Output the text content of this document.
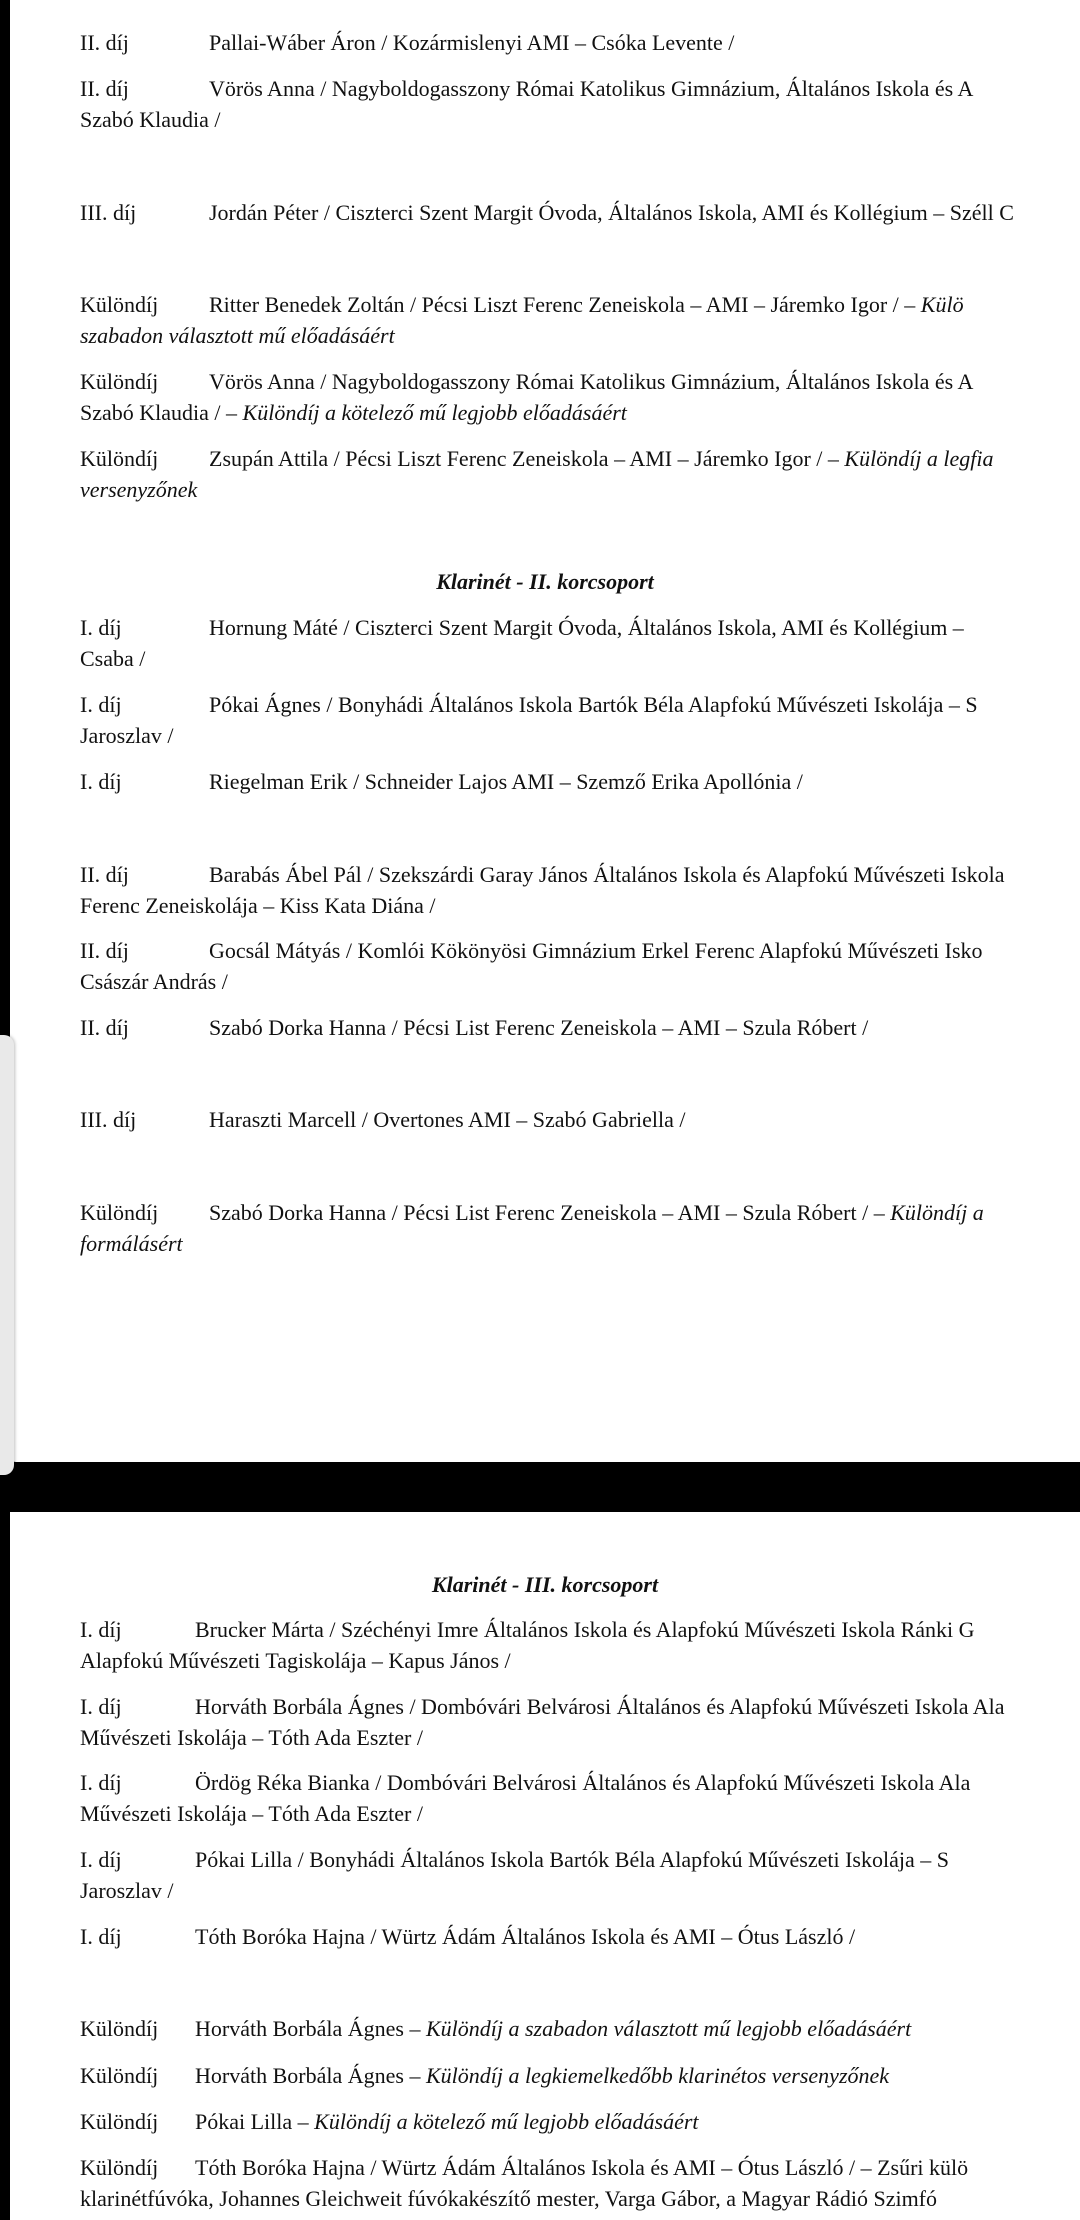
II. díj	Pallai-Wáber Áron / Kozármislenyi AMI – Csóka Levente /
II. díj	Vörös Anna / Nagyboldogasszony Római Katolikus Gimnázium, Általános Iskola és A
Szabó Klaudia /
III. díj	Jordán Péter / Ciszterci Szent Margit Óvoda, Általános Iskola, AMI és Kollégium – Széll C
Különdíj Ritter Benedek Zoltán / Pécsi Liszt Ferenc Zeneiskola – AMI – Járemko Igor / – Külö
szabadon választott mű előadásáért
Különdíj Vörös Anna / Nagyboldogasszony Római Katolikus Gimnázium, Általános Iskola és A
Szabó Klaudia / – Különdíj a kötelező mű legjobb előadásáért
Különdíj Zsupán Attila / Pécsi Liszt Ferenc Zeneiskola – AMI – Járemko Igor / – Különdíj a legfia
versenyzőnek
Klarinét - II. korcsoport
I. díj	Hornung Máté / Ciszterci Szent Margit Óvoda, Általános Iskola, AMI és Kollégium –
Csaba /
I. díj	Pókai Ágnes / Bonyhádi Általános Iskola Bartók Béla Alapfokú Művészeti Iskolája – S
Jaroszlav /
I. díj	Riegelman Erik / Schneider Lajos AMI – Szemző Erika Apollónia /
II. díj	Barabás Ábel Pál / Szekszárdi Garay János Általános Iskola és Alapfokú Művészeti Iskola
Ferenc Zeneiskolája – Kiss Kata Diána /
II. díj	Gocsál Mátyás / Komlói Kökönyösi Gimnázium Erkel Ferenc Alapfokú Művészeti Isko
Császár András /
II. díj	Szabó Dorka Hanna / Pécsi List Ferenc Zeneiskola – AMI – Szula Róbert /
III. díj	Haraszti Marcell / Overtones AMI – Szabó Gabriella /
Különdíj Szabó Dorka Hanna / Pécsi List Ferenc Zeneiskola – AMI – Szula Róbert / – Különdíj a
formálásért
Klarinét - III. korcsoport
I. díj	Brucker Márta / Széchényi Imre Általános Iskola és Alapfokú Művészeti Iskola Ránki G
Alapfokú Művészeti Tagiskolája – Kapus János /
I. díj	Horváth Borbála Ágnes / Dombóvári Belvárosi Általános és Alapfokú Művészeti Iskola Ala
Művészeti Iskolája – Tóth Ada Eszter /
I. díj	Ördög Réka Bianka / Dombóvári Belvárosi Általános és Alapfokú Művészeti Iskola Ala
Művészeti Iskolája – Tóth Ada Eszter /
I. díj	Pókai Lilla / Bonyhádi Általános Iskola Bartók Béla Alapfokú Művészeti Iskolája – S
Jaroszlav /
I. díj	Tóth Boróka Hajna / Würtz Ádám Általános Iskola és AMI – Ótus László /
Különdíj Horváth Borbála Ágnes – Különdíj a szabadon választott mű legjobb előadásáért
Különdíj Horváth Borbála Ágnes – Különdíj a legkiemelkedőbb klarinétos versenyzőnek
Különdíj Pókai Lilla – Különdíj a kötelező mű legjobb előadásáért
Különdíj Tóth Boróka Hajna / Würtz Ádám Általános Iskola és AMI – Ótus László / – Zsűri külö
klarinétfúvóka, Johannes Gleichweit fúvókakészítő mester, Varga Gábor, a Magyar Rádió Szimfó
